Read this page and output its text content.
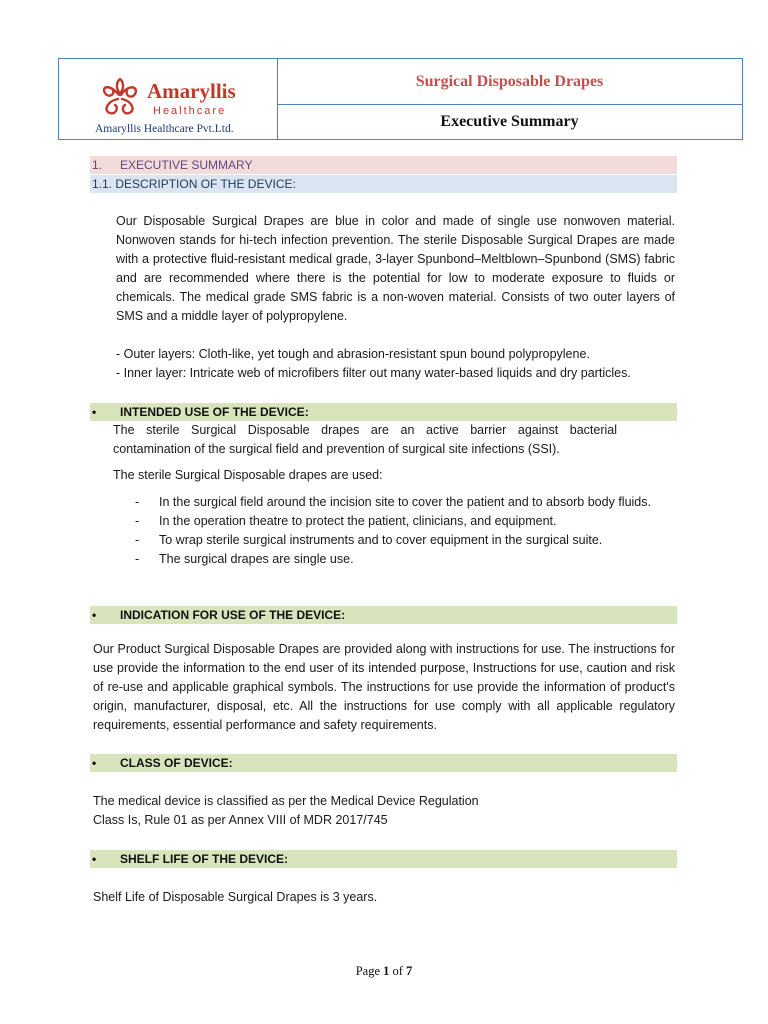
Amaryllis
Healthcare
Amaryllis Healthcare Pvt.Ltd.
Surgical Disposable Drapes
Executive Summary
1.	EXECUTIVE SUMMARY
1.1. DESCRIPTION OF THE DEVICE:
Our Disposable Surgical Drapes are blue in color and made of single use nonwoven material. Nonwoven stands for hi-tech infection prevention. The sterile Disposable Surgical Drapes are made with a protective fluid-resistant medical grade, 3-layer Spunbond–Meltblown–Spunbond (SMS) fabric and are recommended where there is the potential for low to moderate exposure to fluids or chemicals. The medical grade SMS fabric is a non-woven material. Consists of two outer layers of SMS and a middle layer of polypropylene.
- Outer layers: Cloth-like, yet tough and abrasion-resistant spun bound polypropylene.
- Inner layer: Intricate web of microfibers filter out many water-based liquids and dry particles.
•	INTENDED USE OF THE DEVICE:
The sterile Surgical Disposable drapes are an active barrier against bacterial contamination of the surgical field and prevention of surgical site infections (SSI).
The sterile Surgical Disposable drapes are used:
- In the surgical field around the incision site to cover the patient and to absorb body fluids.
- In the operation theatre to protect the patient, clinicians, and equipment.
- To wrap sterile surgical instruments and to cover equipment in the surgical suite.
- The surgical drapes are single use.
•	INDICATION FOR USE OF THE DEVICE:
Our Product Surgical Disposable Drapes are provided along with instructions for use. The instructions for use provide the information to the end user of its intended purpose, Instructions for use, caution and risk of re-use and applicable graphical symbols. The instructions for use provide the information of product's origin, manufacturer, disposal, etc. All the instructions for use comply with all applicable regulatory requirements, essential performance and safety requirements.
•	CLASS OF DEVICE:
The medical device is classified as per the Medical Device Regulation
Class Is, Rule 01 as per Annex VIII of MDR 2017/745
•	SHELF LIFE OF THE DEVICE:
Shelf Life of Disposable Surgical Drapes is 3 years.
Page 1 of 7
